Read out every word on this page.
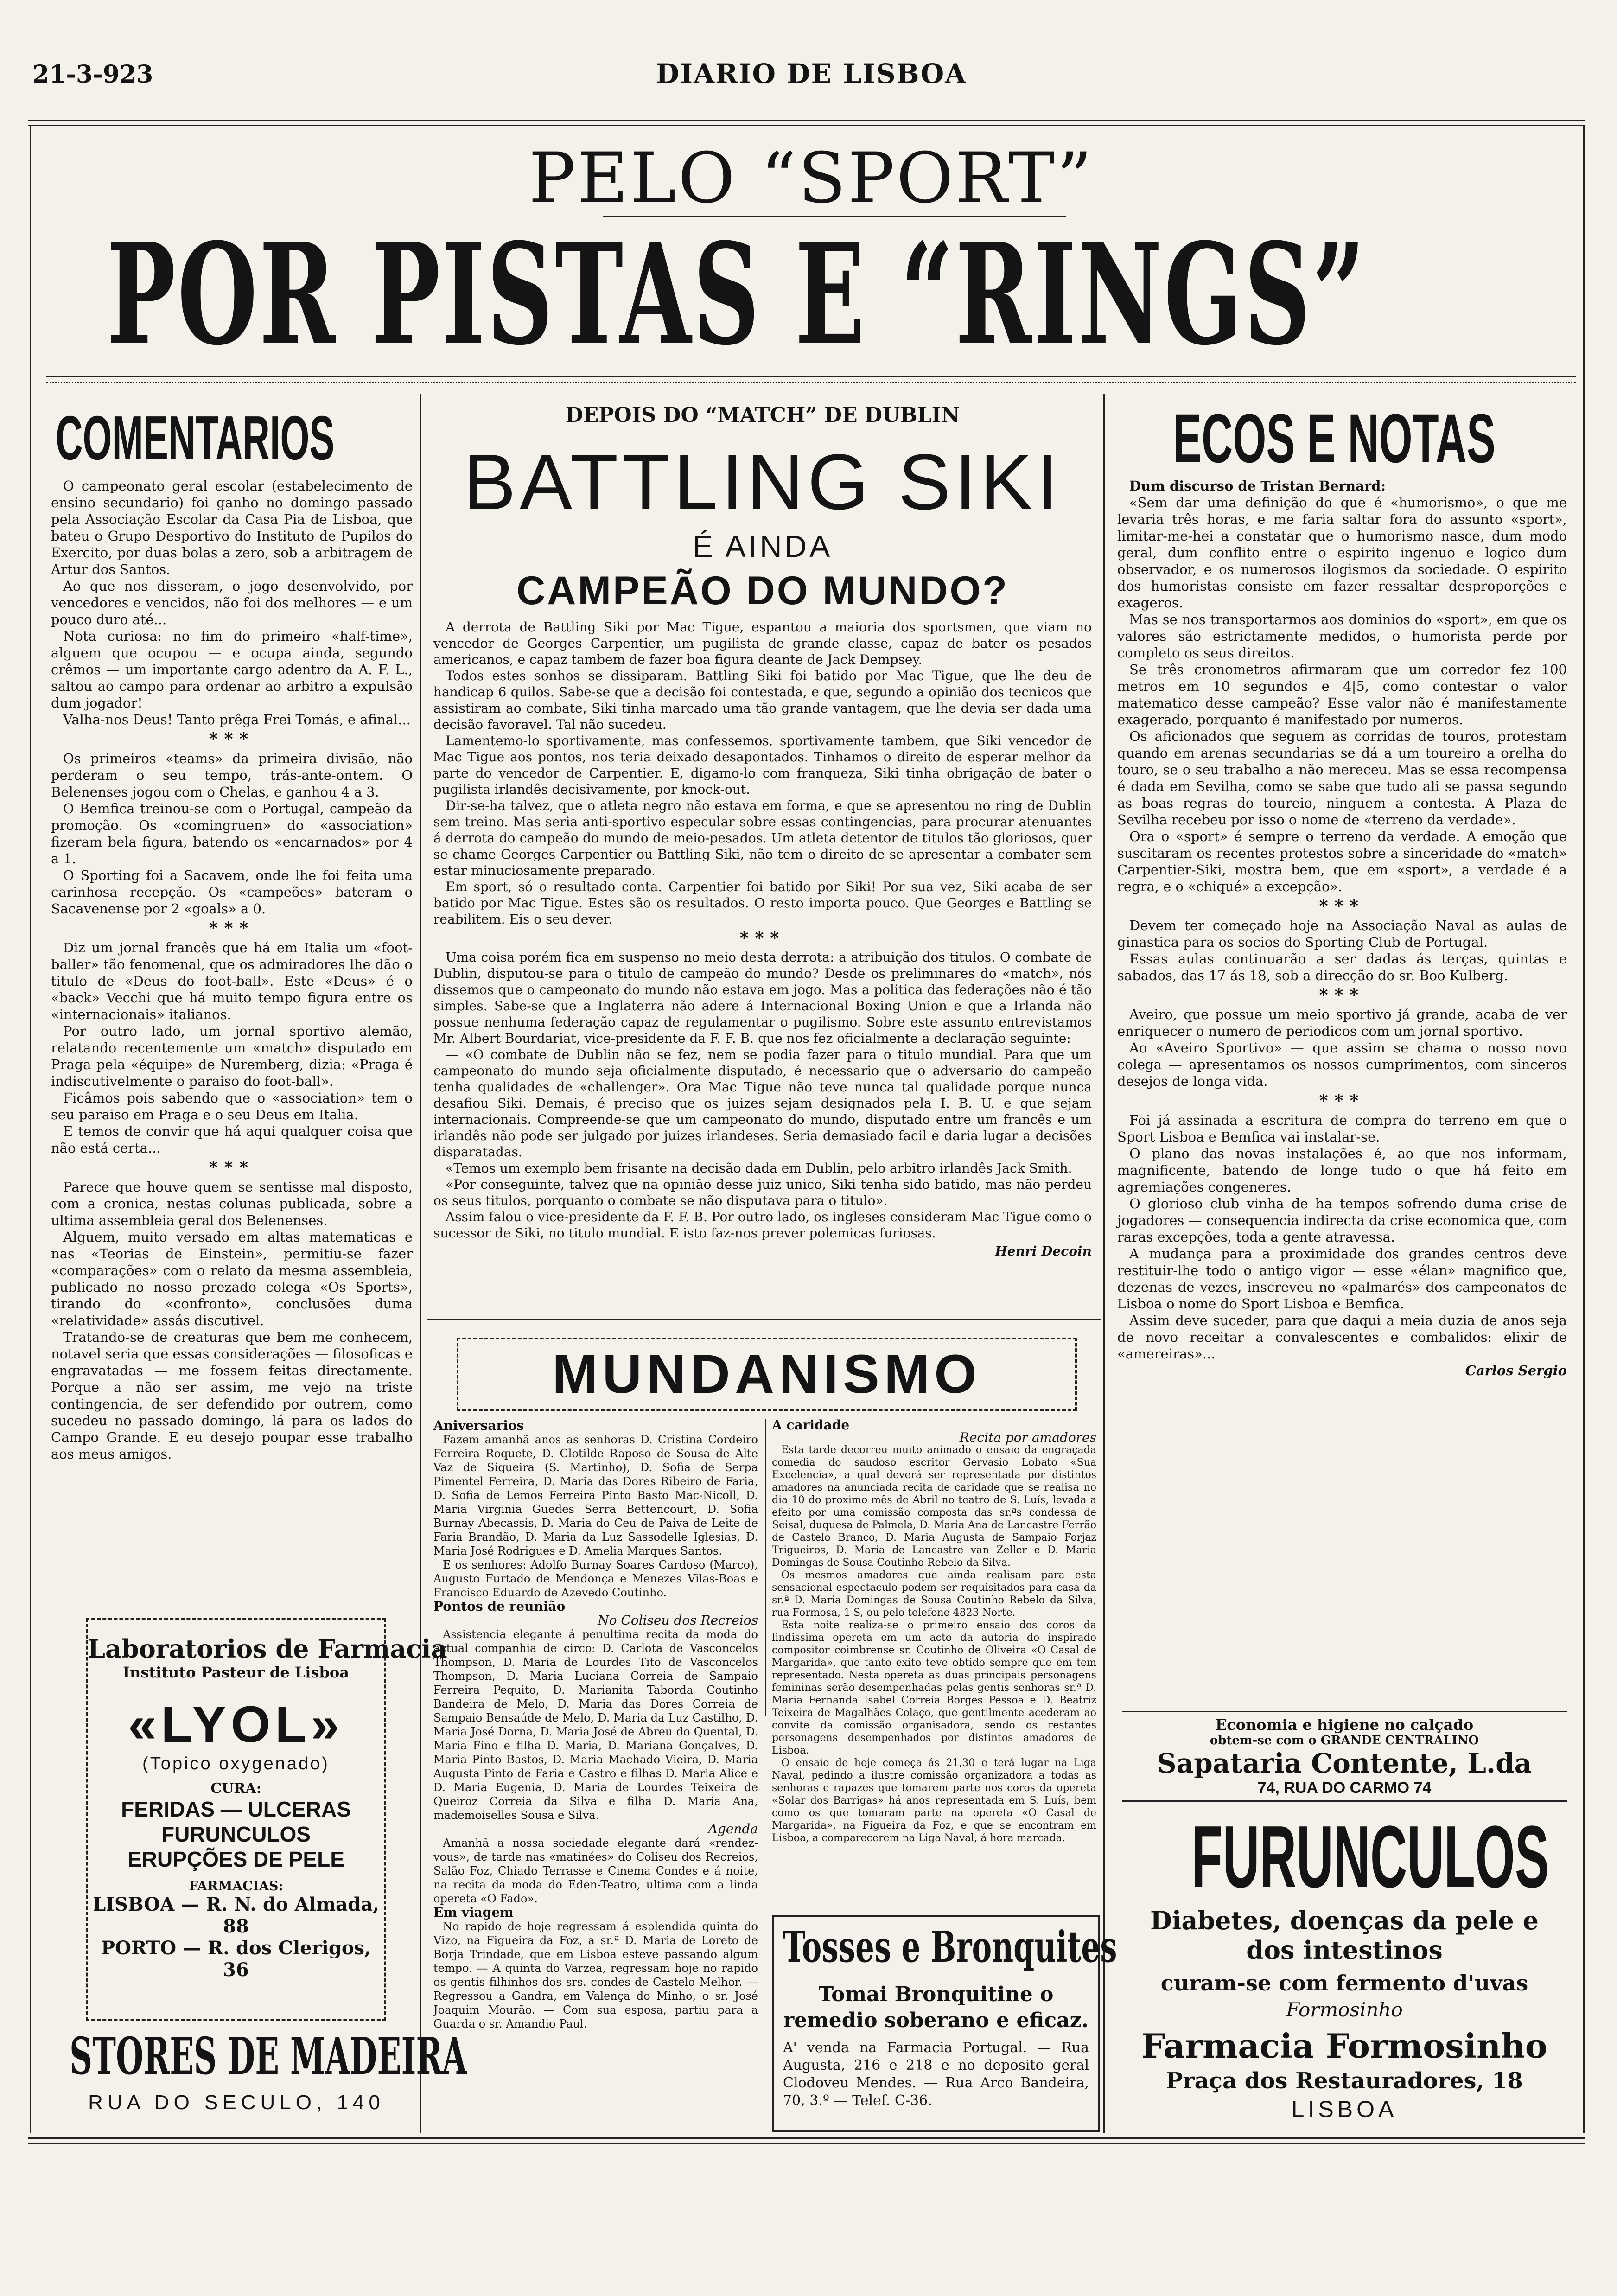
21-3-923	DIARIO DE LISBOA
PELO “SPORT”
POR PISTAS E “RINGS”
COMENTARIOS

O campeonato geral escolar (estabelecimento de ensino secundario) foi ganho no domingo passado pela Associação Escolar da Casa Pia de Lisboa, que bateu o Grupo Desportivo do Instituto de Pupilos do Exercito, por duas bolas a zero, sob a arbitragem de Artur dos Santos.

Ao que nos disseram, o jogo desenvolvido, por vencedores e vencidos, não foi dos melhores — e um pouco duro até...

Nota curiosa: no fim do primeiro «half-time», alguem que ocupou — e ocupa ainda, segundo crêmos — um importante cargo adentro da A. F. L., saltou ao campo para ordenar ao arbitro a expulsão dum jogador!

Valha-nos Deus! Tanto prêga Frei Tomás, e afinal...

***

Os primeiros «teams» da primeira divisão, não perderam o seu tempo, trás-ante-ontem. O Belenenses jogou com o Chelas, e ganhou 4 a 3.

O Bemfica treinou-se com o Portugal, campeão da promoção. Os «comingruen» do «association» fizeram bela figura, batendo os «encarnados» por 4 a 1.

O Sporting foi a Sacavem, onde lhe foi feita uma carinhosa recepção. Os «campeões» bateram o Sacavenense por 2 «goals» a 0.

***

Diz um jornal francês que há em Italia um «foot-baller» tão fenomenal, que os admiradores lhe dão o titulo de «Deus do foot-ball». Este «Deus» é o «back» Vecchi que há muito tempo figura entre os «internacionais» italianos.

Por outro lado, um jornal sportivo alemão, relatando recentemente um «match» disputado em Praga pela «équipe» de Nuremberg, dizia: «Praga é indiscutivelmente o paraiso do foot-ball».

Ficâmos pois sabendo que o «association» tem o seu paraiso em Praga e o seu Deus em Italia.

E temos de convir que há aqui qualquer coisa que não está certa...

***

Parece que houve quem se sentisse mal disposto, com a cronica, nestas colunas publicada, sobre a ultima assembleia geral dos Belenenses.

Alguem, muito versado em altas matematicas e nas «Teorias de Einstein», permitiu-se fazer «comparações» com o relato da mesma assembleia, publicado no nosso prezado colega «Os Sports», tirando do «confronto», conclusões duma «relatividade» assás discutivel.

Tratando-se de creaturas que bem me conhecem, notavel seria que essas considerações — filosoficas e engravatadas — me fossem feitas directamente. Porque a não ser assim, me vejo na triste contingencia, de ser defendido por outrem, como sucedeu no passado domingo, lá para os lados do Campo Grande. E eu desejo poupar esse trabalho aos meus amigos.

Laboratorios de Farmacia
Instituto Pasteur de Lisboa
«LYOL»
(Topico oxygenado)
CURA:
FERIDAS — ULCERAS
FURUNCULOS
ERUPÇÕES DE PELE
FARMACIAS:
LISBOA — R. N. do Almada, 88
PORTO — R. dos Clerigos, 36
STORES DE MADEIRA
RUA DO SECULO, 140
DEPOIS DO “MATCH” DE DUBLIN
BATTLING SIKI
É AINDA
CAMPEÃO DO MUNDO?

A derrota de Battling Siki por Mac Tigue, espantou a maioria dos sportsmen, que viam no vencedor de Georges Carpentier, um pugilista de grande classe, capaz de bater os pesados americanos, e capaz tambem de fazer boa figura deante de Jack Dempsey.

Todos estes sonhos se dissiparam. Battling Siki foi batido por Mac Tigue, que lhe deu de handicap 6 quilos. Sabe-se que a decisão foi contestada, e que, segundo a opinião dos tecnicos que assistiram ao combate, Siki tinha marcado uma tão grande vantagem, que lhe devia ser dada uma decisão favoravel. Tal não sucedeu.

Lamentemo-lo sportivamente, mas confessemos, sportivamente tambem, que Siki vencedor de Mac Tigue aos pontos, nos teria deixado desapontados. Tinhamos o direito de esperar melhor da parte do vencedor de Carpentier. E, digamo-lo com franqueza, Siki tinha obrigação de bater o pugilista irlandês decisivamente, por knock-out.

Dir-se-ha talvez, que o atleta negro não estava em forma, e que se apresentou no ring de Dublin sem treino. Mas seria anti-sportivo especular sobre essas contingencias, para procurar atenuantes á derrota do campeão do mundo de meio-pesados. Um atleta detentor de titulos tão gloriosos, quer se chame Georges Carpentier ou Battling Siki, não tem o direito de se apresentar a combater sem estar minuciosamente preparado.

Em sport, só o resultado conta. Carpentier foi batido por Siki! Por sua vez, Siki acaba de ser batido por Mac Tigue. Estes são os resultados. O resto importa pouco. Que Georges e Battling se reabilitem. Eis o seu dever.

***

Uma coisa porém fica em suspenso no meio desta derrota: a atribuição dos titulos. O combate de Dublin, disputou-se para o titulo de campeão do mundo? Desde os preliminares do «match», nós dissemos que o campeonato do mundo não estava em jogo. Mas a politica das federações não é tão simples. Sabe-se que a Inglaterra não adere á Internacional Boxing Union e que a Irlanda não possue nenhuma federação capaz de regulamentar o pugilismo. Sobre este assunto entrevistamos Mr. Albert Bourdariat, vice-presidente da F. F. B. que nos fez oficialmente a declaração seguinte:

— «O combate de Dublin não se fez, nem se podia fazer para o titulo mundial. Para que um campeonato do mundo seja oficialmente disputado, é necessario que o adversario do campeão tenha qualidades de «challenger». Ora Mac Tigue não teve nunca tal qualidade porque nunca desafiou Siki. Demais, é preciso que os juizes sejam designados pela I. B. U. e que sejam internacionais. Compreende-se que um campeonato do mundo, disputado entre um francês e um irlandês não pode ser julgado por juizes irlandeses. Seria demasiado facil e daria lugar a decisões disparatadas.

«Temos um exemplo bem frisante na decisão dada em Dublin, pelo arbitro irlandês Jack Smith.

«Por conseguinte, talvez que na opinião desse juiz unico, Siki tenha sido batido, mas não perdeu os seus titulos, porquanto o combate se não disputava para o titulo».

Assim falou o vice-presidente da F. F. B. Por outro lado, os ingleses consideram Mac Tigue como o sucessor de Siki, no titulo mundial. E isto faz-nos prever polemicas furiosas.

Henri Decoin
MUNDANISMO
Aniversarios
Fazem amanhã anos as senhoras D. Cristina Cordeiro Ferreira Roquete, D. Clotilde Raposo de Sousa de Alte Vaz de Siqueira (S. Martinho), D. Sofia de Serpa Pimentel Ferreira, D. Maria das Dores Ribeiro de Faria, D. Sofia de Lemos Ferreira Pinto Basto Mac-Nicoll, D. Maria Virginia Guedes Serra Bettencourt, D. Sofia Burnay Abecassis, D. Maria do Ceu de Paiva de Leite de Faria Brandão, D. Maria da Luz Sassodelle Iglesias, D. Maria José Rodrigues e D. Amelia Marques Santos.
E os senhores: Adolfo Burnay Soares Cardoso (Marco), Augusto Furtado de Mendonça e Menezes Vilas-Boas e Francisco Eduardo de Azevedo Coutinho.
Pontos de reunião
No Coliseu dos Recreios
Assistencia elegante á penultima recita da moda do actual companhia de circo: D. Carlota de Vasconcelos Thompson, D. Maria de Lourdes Tito de Vasconcelos Thompson, D. Maria Luciana Correia de Sampaio Ferreira Pequito, D. Marianita Taborda Coutinho Bandeira de Melo, D. Maria das Dores Correia de Sampaio Bensaúde de Melo, D. Maria da Luz Castilho, D. Maria José Dorna, D. Maria José de Abreu do Quental, D. Maria Fino e filha D. Maria, D. Mariana Gonçalves, D. Maria Pinto Bastos, D. Maria Machado Vieira, D. Maria Augusta Pinto de Faria e Castro e filhas D. Maria Alice e D. Maria Eugenia, D. Maria de Lourdes Teixeira de Queiroz Correia da Silva e filha D. Maria Ana, mademoiselles Sousa e Silva.
Agenda
Amanhã a nossa sociedade elegante dará «rendez-vous», de tarde nas «matinées» do Coliseu dos Recreios, Salão Foz, Chiado Terrasse e Cinema Condes e á noite, na recita da moda do Eden-Teatro, ultima com a linda opereta «O Fado».
Em viagem
No rapido de hoje regressam á esplendida quinta do Vizo, na Figueira da Foz, a sr.ª D. Maria de Loreto de Borja Trindade, que em Lisboa esteve passando algum tempo. — A quinta do Varzea, regressam hoje no rapido os gentis filhinhos dos srs. condes de Castelo Melhor. — Regressou a Gandra, em Valença do Minho, o sr. José Joaquim Mourão. — Com sua esposa, partiu para a Guarda o sr. Amandio Paul.
A caridade
Recita por amadores
Esta tarde decorreu muito animado o ensaio da engraçada comedia do saudoso escritor Gervasio Lobato «Sua Excelencia», a qual deverá ser representada por distintos amadores na anunciada recita de caridade que se realisa no dia 10 do proximo mês de Abril no teatro de S. Luís, levada a efeito por uma comissão composta das sr.ªs condessa de Seisal, duquesa de Palmela, D. Maria Ana de Lancastre Ferrão de Castelo Branco, D. Maria Augusta de Sampaio Forjaz Trigueiros, D. Maria de Lancastre van Zeller e D. Maria Domingas de Sousa Coutinho Rebelo da Silva.
Os mesmos amadores que ainda realisam para esta sensacional espectaculo podem ser requisitados para casa da sr.ª D. Maria Domingas de Sousa Coutinho Rebelo da Silva, rua Formosa, 1 S, ou pelo telefone 4823 Norte.
Esta noite realiza-se o primeiro ensaio dos coros da lindissima opereta em um acto da autoria do inspirado compositor coimbrense sr. Coutinho de Oliveira «O Casal de Margarida», que tanto exito teve obtido sempre que em tem representado. Nesta opereta as duas principais personagens femininas serão desempenhadas pelas gentis senhoras sr.ª D. Maria Fernanda Isabel Correia Borges Pessoa e D. Beatriz Teixeira de Magalhães Colaço, que gentilmente acederam ao convite da comissão organisadora, sendo os restantes personagens desempenhados por distintos amadores de Lisboa.
O ensaio de hoje começa ás 21,30 e terá lugar na Liga Naval, pedindo a ilustre comissão organizadora a todas as senhoras e rapazes que tomarem parte nos coros da opereta «Solar dos Barrigas» há anos representada em S. Luís, bem como os que tomaram parte na opereta «O Casal de Margarida», na Figueira da Foz, e que se encontram em Lisboa, a comparecerem na Liga Naval, á hora marcada.
Tosses e Bronquites
Tomai Bronquitine o remedio soberano e eficaz.
A' venda na Farmacia Portugal. — Rua Augusta, 216 e 218 e no deposito geral Clodoveu Mendes. — Rua Arco Bandeira, 70, 3.º — Telef. C-36.
ECOS E NOTAS

Dum discurso de Tristan Bernard:

«Sem dar uma definição do que é «humorismo», o que me levaria três horas, e me faria saltar fora do assunto «sport», limitar-me-hei a constatar que o humorismo nasce, dum modo geral, dum conflito entre o espirito ingenuo e logico dum observador, e os numerosos ilogismos da sociedade. O espirito dos humoristas consiste em fazer ressaltar desproporções e exageros.

Mas se nos transportarmos aos dominios do «sport», em que os valores são estrictamente medidos, o humorista perde por completo os seus direitos.

Se três cronometros afirmaram que um corredor fez 100 metros em 10 segundos e 4|5, como contestar o valor matematico desse campeão? Esse valor não é manifestamente exagerado, porquanto é manifestado por numeros.

Os aficionados que seguem as corridas de touros, protestam quando em arenas secundarias se dá a um toureiro a orelha do touro, se o seu trabalho a não mereceu. Mas se essa recompensa é dada em Sevilha, como se sabe que tudo ali se passa segundo as boas regras do toureio, ninguem a contesta. A Plaza de Sevilha recebeu por isso o nome de «terreno da verdade».

Ora o «sport» é sempre o terreno da verdade. A emoção que suscitaram os recentes protestos sobre a sinceridade do «match» Carpentier-Siki, mostra bem, que em «sport», a verdade é a regra, e o «chiqué» a excepção».

***

Devem ter começado hoje na Associação Naval as aulas de ginastica para os socios do Sporting Club de Portugal.

Essas aulas continuarão a ser dadas ás terças, quintas e sabados, das 17 ás 18, sob a direcção do sr. Boo Kulberg.

***

Aveiro, que possue um meio sportivo já grande, acaba de ver enriquecer o numero de periodicos com um jornal sportivo.

Ao «Aveiro Sportivo» — que assim se chama o nosso novo colega — apresentamos os nossos cumprimentos, com sinceros desejos de longa vida.

***

Foi já assinada a escritura de compra do terreno em que o Sport Lisboa e Bemfica vai instalar-se.

O plano das novas instalações é, ao que nos informam, magnificente, batendo de longe tudo o que há feito em agremiações congeneres.

O glorioso club vinha de ha tempos sofrendo duma crise de jogadores — consequencia indirecta da crise economica que, com raras excepções, toda a gente atravessa.

A mudança para a proximidade dos grandes centros deve restituir-lhe todo o antigo vigor — esse «élan» magnifico que, dezenas de vezes, inscreveu no «palmarés» dos campeonatos de Lisboa o nome do Sport Lisboa e Bemfica.

Assim deve suceder, para que daqui a meia duzia de anos seja de novo receitar a convalescentes e combalidos: elixir de «amereiras»...

Carlos Sergio
Economia e higiene no calçado
obtem-se com o GRANDE CENTRALINO
Sapataria Contente, L.da
74, RUA DO CARMO 74
FURUNCULOS
Diabetes, doenças da pele e dos intestinos
curam-se com fermento d'uvas
Formosinho
Farmacia Formosinho
Praça dos Restauradores, 18
LISBOA
